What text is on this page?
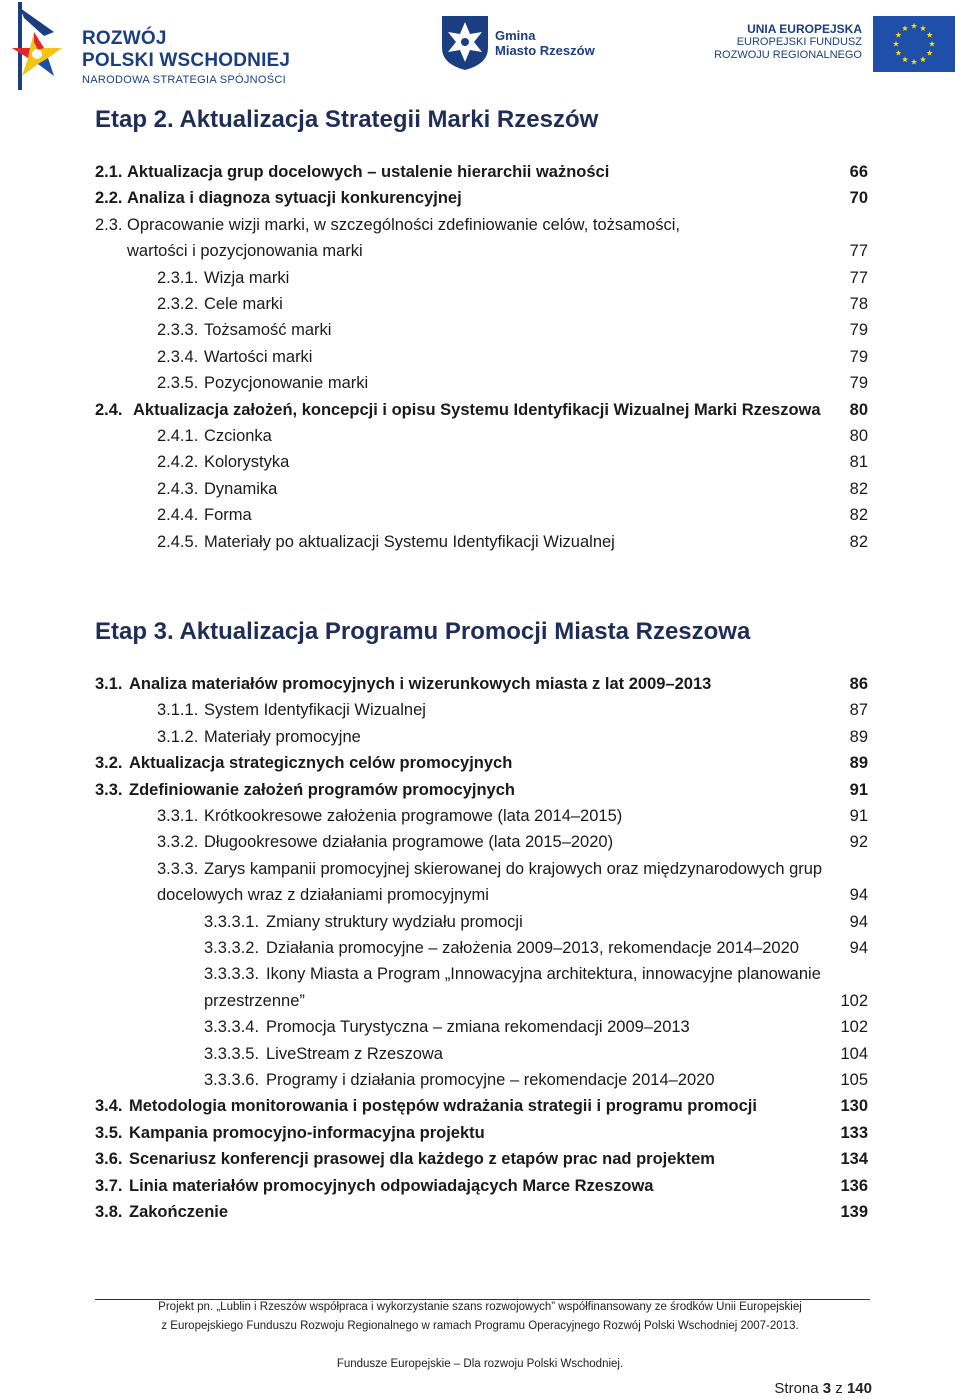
ROZWÓJ
POLSKI WSCHODNIEJ
NARODOWA STRATEGIA SPÓJNOŚCI
Gmina
Miasto Rzeszów
UNIA EUROPEJSKA
EUROPEJSKI FUNDUSZ
ROZWOJU REGIONALNEGO
Etap 2. Aktualizacja Strategii Marki Rzeszów
2.1. Aktualizacja grup docelowych – ustalenie hierarchii ważności	66
2.2. Analiza i diagnoza sytuacji konkurencyjnej	70
2.3. Opracowanie wizji marki, w szczególności zdefiniowanie celów, tożsamości,
wartości i pozycjonowania marki	77
2.3.1. Wizja marki	77
2.3.2. Cele marki	78
2.3.3. Tożsamość marki	79
2.3.4. Wartości marki	79
2.3.5. Pozycjonowanie marki	79
2.4. Aktualizacja założeń, koncepcji i opisu Systemu Identyfikacji Wizualnej Marki Rzeszowa 80
2.4.1. Czcionka	80
2.4.2. Kolorystyka	81
2.4.3. Dynamika	82
2.4.4. Forma	82
2.4.5. Materiały po aktualizacji Systemu Identyfikacji Wizualnej	82
Etap 3. Aktualizacja Programu Promocji Miasta Rzeszowa
3.1. Analiza materiałów promocyjnych i wizerunkowych miasta z lat 2009–2013	86
3.1.1. System Identyfikacji Wizualnej	87
3.1.2. Materiały promocyjne	89
3.2. Aktualizacja strategicznych celów promocyjnych	89
3.3. Zdefiniowanie założeń programów promocyjnych	91
3.3.1. Krótkookresowe założenia programowe (lata 2014–2015)	91
3.3.2. Długookresowe działania programowe (lata 2015–2020)	92
3.3.3. Zarys kampanii promocyjnej skierowanej do krajowych oraz międzynarodowych grup
docelowych wraz z działaniami promocyjnymi	94
3.3.3.1. Zmiany struktury wydziału promocji	94
3.3.3.2. Działania promocyjne – założenia 2009–2013, rekomendacje 2014–2020	94
3.3.3.3. Ikony Miasta a Program „Innowacyjna architektura, innowacyjne planowanie
przestrzenne”	102
3.3.3.4. Promocja Turystyczna – zmiana rekomendacji 2009–2013	102
3.3.3.5. LiveStream z Rzeszowa	104
3.3.3.6. Programy i działania promocyjne – rekomendacje 2014–2020	105
3.4. Metodologia monitorowania i postępów wdrażania strategii i programu promocji	130
3.5. Kampania promocyjno-informacyjna projektu	133
3.6. Scenariusz konferencji prasowej dla każdego z etapów prac nad projektem	134
3.7. Linia materiałów promocyjnych odpowiadających Marce Rzeszowa	136
3.8. Zakończenie	139
Projekt pn. „Lublin i Rzeszów współpraca i wykorzystanie szans rozwojowych” współfinansowany ze środków Unii Europejskiej
z Europejskiego Funduszu Rozwoju Regionalnego w ramach Programu Operacyjnego Rozwój Polski Wschodniej 2007-2013.
Fundusze Europejskie – Dla rozwoju Polski Wschodniej.
Strona 3 z 140
